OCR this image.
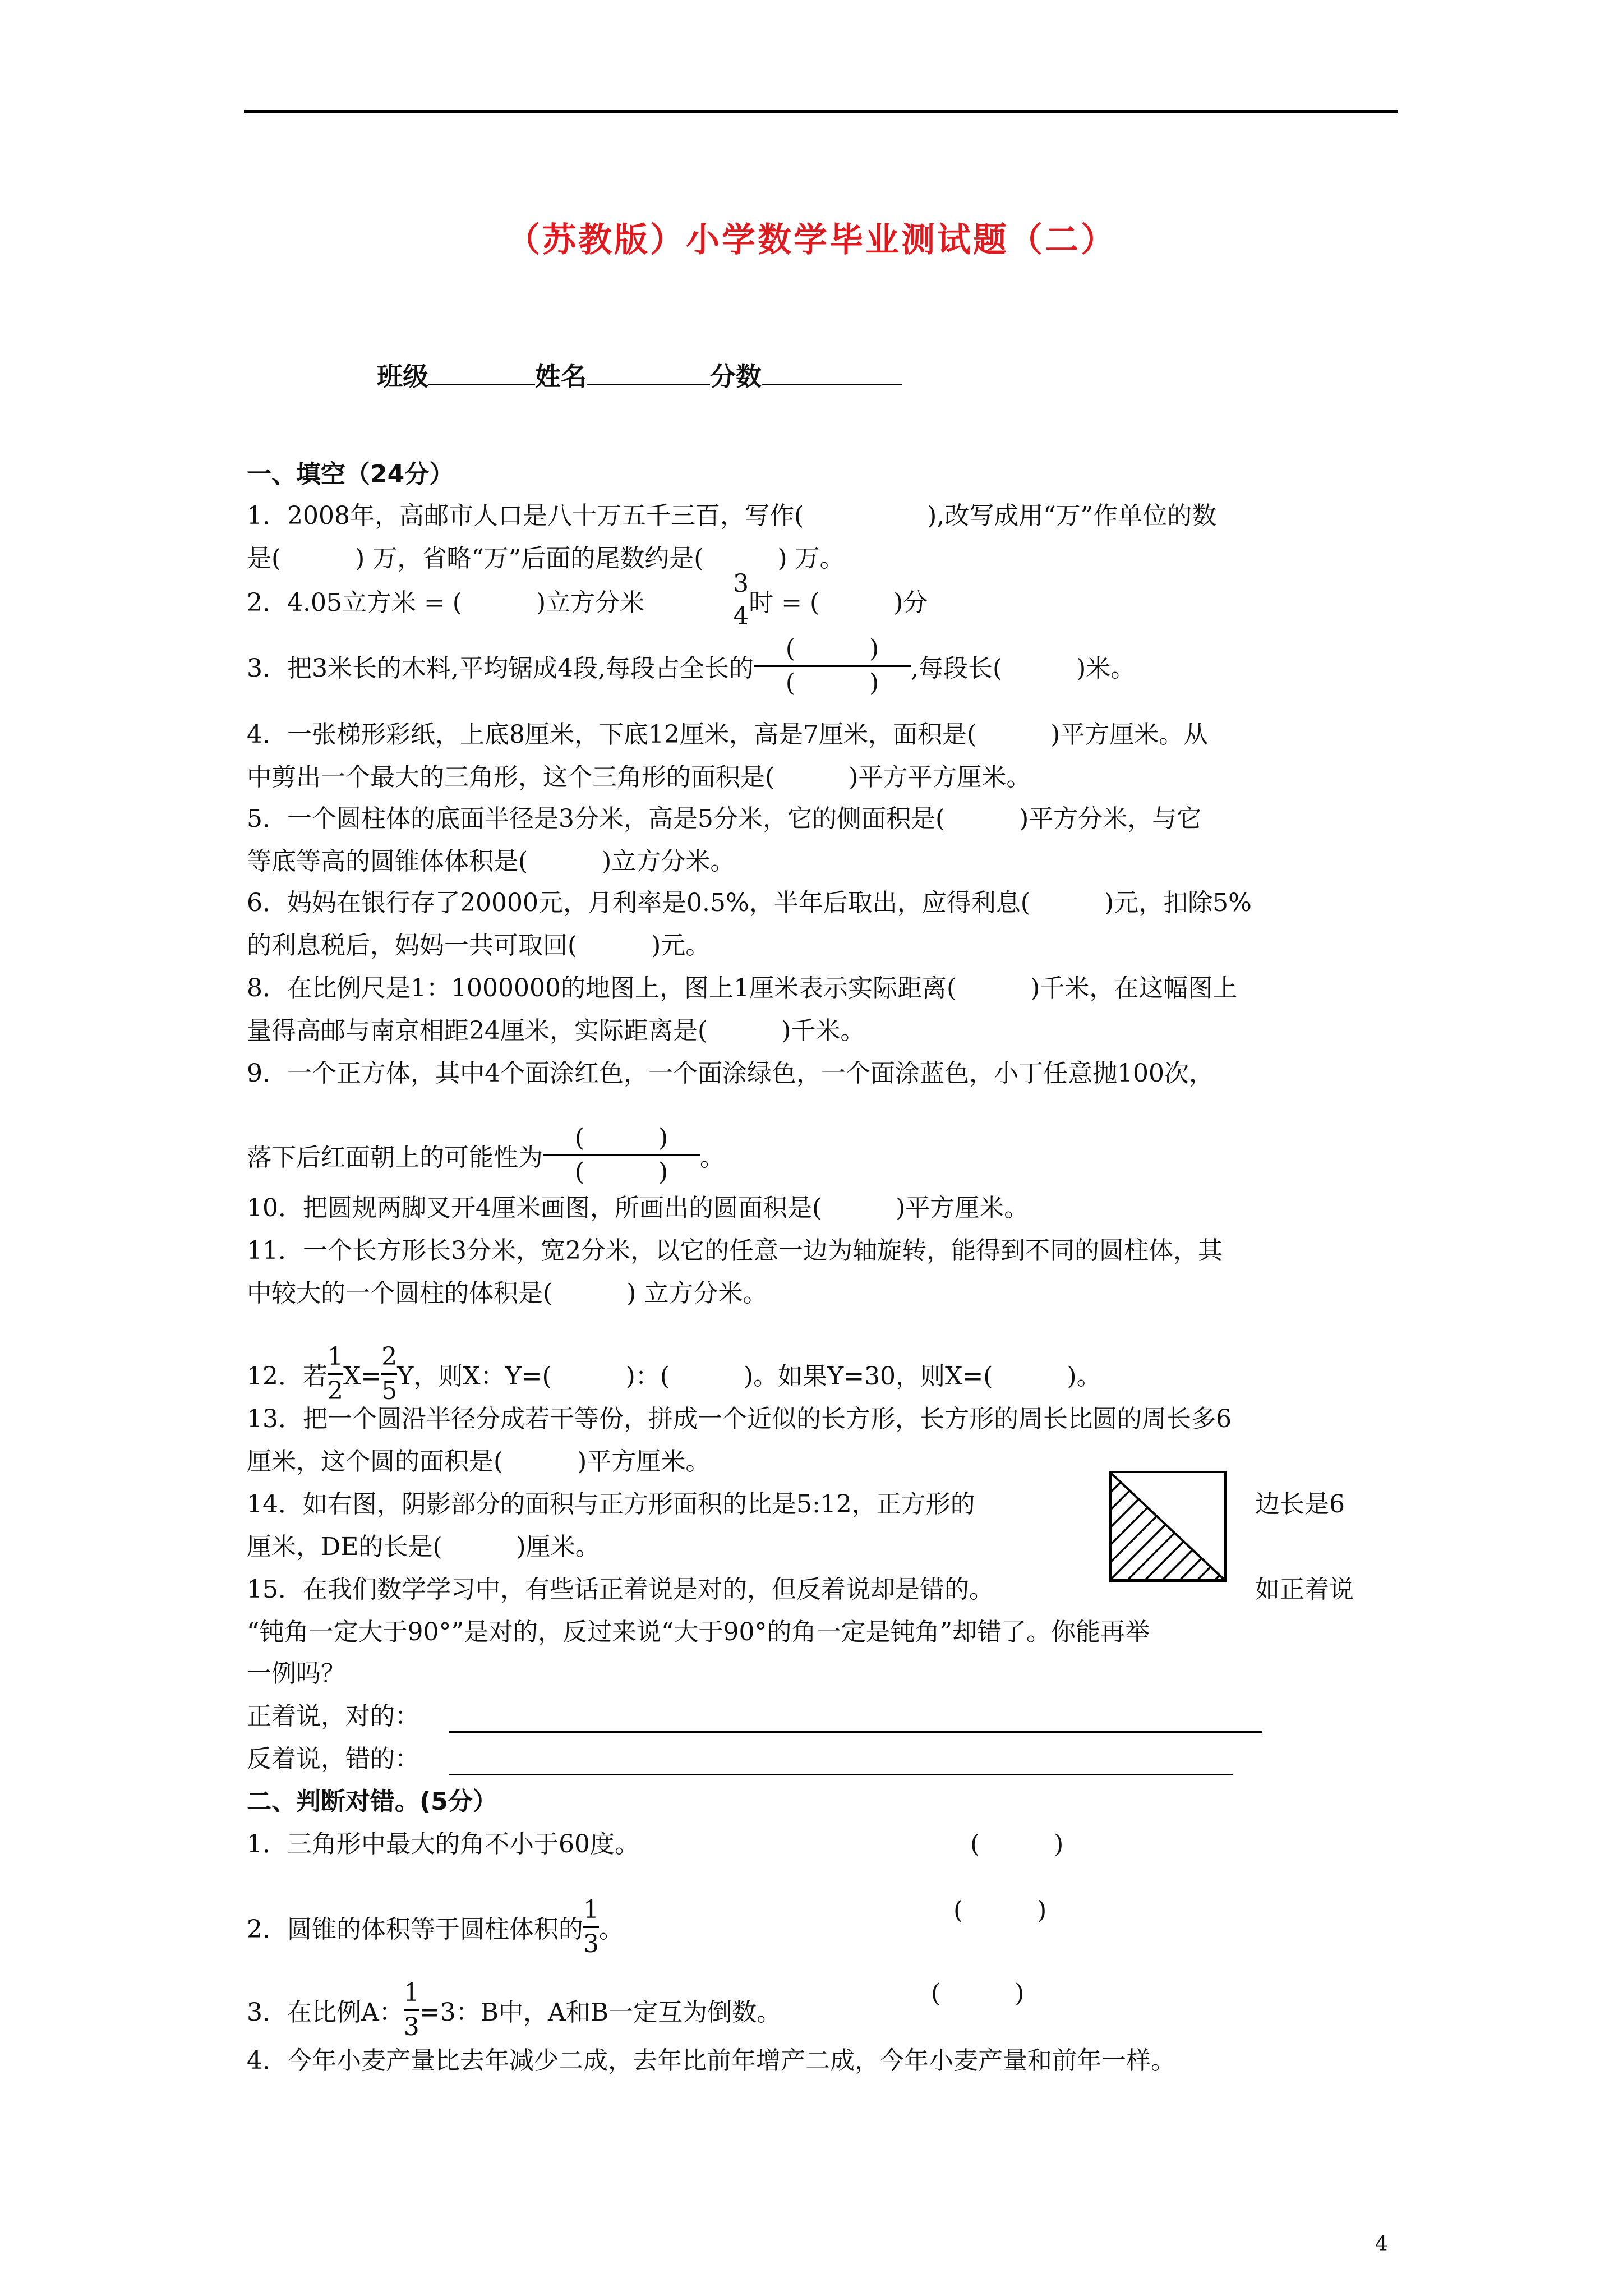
（苏教版）小学数学毕业测试题（二）
班级	姓名	分数
一、填空（24分）
1．2008年，高邮市人口是八十万五千三百，写作(　　　　　),改写成用“万”作单位的数
是(　　　) 万，省略“万”后面的尾数约是(　　　) 万。
2．4.05立方米 = (　　　)立方分米
3
4 时 = (　　　)分
3．把3米长的木料,平均锯成4段,每段占全长的 $\frac{( )}{( )}$ ,每段长(　　　)米。
4．一张梯形彩纸，上底8厘米，下底12厘米，高是7厘米，面积是(　　　)平方厘米。从
中剪出一个最大的三角形，这个三角形的面积是(　　　)平方平方厘米。
5．一个圆柱体的底面半径是3分米，高是5分米，它的侧面积是(　　　)平方分米，与它
等底等高的圆锥体体积是(　　　)立方分米。
6．妈妈在银行存了20000元，月利率是0.5%，半年后取出，应得利息(　　　)元，扣除5%
的利息税后，妈妈一共可取回(　　　)元。
8．在比例尺是1：1000000的地图上，图上1厘米表示实际距离(　　　)千米，在这幅图上
量得高邮与南京相距24厘米，实际距离是(　　　)千米。
9．一个正方体，其中4个面涂红色，一个面涂绿色，一个面涂蓝色，小丁任意抛100次，
落下后红面朝上的可能性为 $\frac{( )}{( )}$ 。
10．把圆规两脚叉开4厘米画图，所画出的圆面积是(　　　)平方厘米。
11．一个长方形长3分米，宽2分米，以它的任意一边为轴旋转，能得到不同的圆柱体，其
中较大的一个圆柱的体积是(　　　) 立方分米。
12．若 $\frac{1}{2} X= \frac{2}{5}$ Y，则X：Y=(　　　)：(　　　)。如果Y=30，则X=(　　　)。
13．把一个圆沿半径分成若干等份，拼成一个近似的长方形，长方形的周长比圆的周长多6
厘米，这个圆的面积是(　　　)平方厘米。
14．如右图，阴影部分的面积与正方形面积的比是5:12，正方形的	边长是6
厘米，DE的长是(　　　)厘米。
15．在我们数学学习中，有些话正着说是对的，但反着说却是错的。	如正着说
“钝角一定大于90°”是对的，反过来说“大于90°的角一定是钝角”却错了。你能再举
一例吗？
正着说，对的：
反着说，错的：
二、判断对错。(5分）
1．三角形中最大的角不小于60度。	(　　　)
2．圆锥的体积等于圆柱体积的 $\frac{1}{3}$ 。
(　　　)
3．在比例A： $\frac{1}{3} =3$：B中，A和B一定互为倒数。
(　　　)
4．今年小麦产量比去年减少二成，去年比前年增产二成，今年小麦产量和前年一样。
4
